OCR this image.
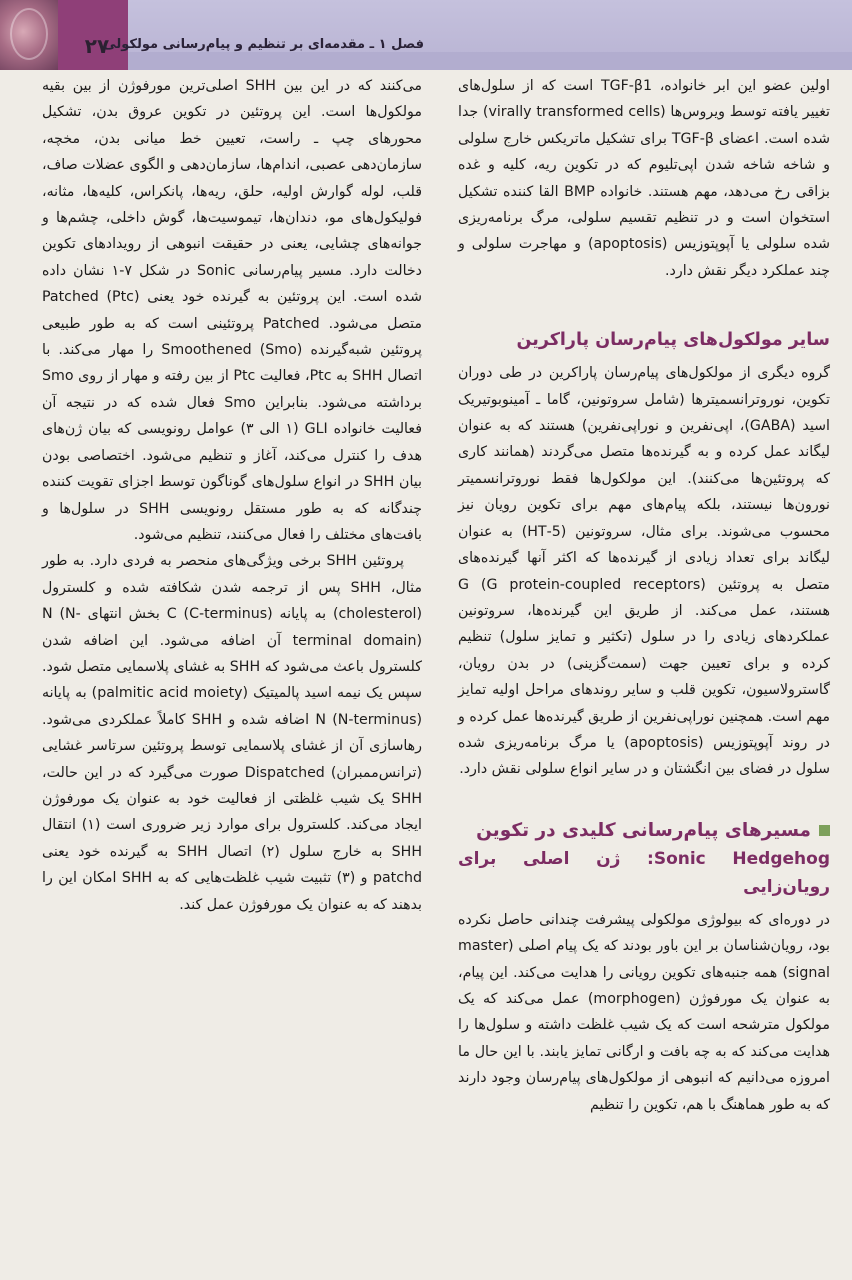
۲۷
فصل ۱ ـ مقدمه‌ای بر تنظیم و پیام‌رسانی مولکولی

اولین عضو این ابر خانواده، TGF-β1 است که از سلول‌های تغییر یافته توسط ویروس‌ها (virally transformed cells) جدا شده است. اعضای TGF-β برای تشکیل ماتریکس خارج سلولی و شاخه شاخه شدن اپی‌تلیوم که در تکوین ریه، کلیه و غده بزاقی رخ می‌دهد، مهم هستند. خانواده BMP القا کننده تشکیل استخوان است و در تنظیم تقسیم سلولی، مرگ برنامه‌ریزی شده سلولی یا آپوپتوزیس (apoptosis) و مهاجرت سلولی و چند عملکرد دیگر نقش دارد.

سایر مولکول‌های پیام‌رسان پاراکرین

گروه دیگری از مولکول‌های پیام‌رسان پاراکرین در طی دوران تکوین، نوروترانسمیترها (شامل سروتونین، گاما ـ آمینوبوتیریک اسید (GABA)، اپی‌نفرین و نوراپی‌نفرین) هستند که به عنوان لیگاند عمل کرده و به گیرنده‌ها متصل می‌گردند (همانند کاری که پروتئین‌ها می‌کنند). این مولکول‌ها فقط نوروترانسمیتر نورون‌ها نیستند، بلکه پیام‌های مهم برای تکوین رویان نیز محسوب می‌شوند. برای مثال، سروتونین (5-HT) به عنوان لیگاند برای تعداد زیادی از گیرنده‌ها که اکثر آنها گیرنده‌های متصل به پروتئین G (G protein-coupled receptors) هستند، عمل می‌کند. از طریق این گیرنده‌ها، سروتونین عملکردهای زیادی را در سلول (تکثیر و تمایز سلول) تنظیم کرده و برای تعیین جهت (سمت‌گزینی) در بدن رویان، گاسترولاسیون، تکوین قلب و سایر روندهای مراحل اولیه تمایز مهم است. همچنین نوراپی‌نفرین از طریق گیرنده‌ها عمل کرده و در روند آپوپتوزیس (apoptosis) یا مرگ برنامه‌ریزی شده سلول در فضای بین انگشتان و در سایر انواع سلولی نقش دارد.

مسیرهای پیام‌رسانی کلیدی در تکوین
Sonic Hedgehog: ژن اصلی برای رویان‌زایی

در دوره‌ای که بیولوژی مولکولی پیشرفت چندانی حاصل نکرده بود، رویان‌شناسان بر این باور بودند که یک پیام اصلی (master signal) همه جنبه‌های تکوین رویانی را هدایت می‌کند. این پیام، به عنوان یک مورفوژن (morphogen) عمل می‌کند که یک مولکول مترشحه است که یک شیب غلظت داشته و سلول‌ها را هدایت می‌کند که به چه بافت و ارگانی تمایز یابند. با این حال ما امروزه می‌دانیم که انبوهی از مولکول‌های پیام‌رسان وجود دارند که به طور هماهنگ با هم، تکوین را تنظیم

می‌کنند که در این بین SHH اصلی‌ترین مورفوژن از بین بقیه مولکول‌ها است. این پروتئین در تکوین عروق بدن، تشکیل محورهای چپ ـ راست، تعیین خط میانی بدن، مخچه، سازمان‌دهی عصبی، اندام‌ها، سازمان‌دهی و الگوی عضلات صاف، قلب، لوله گوارش اولیه، حلق، ریه‌ها، پانکراس، کلیه‌ها، مثانه، فولیکول‌های مو، دندان‌ها، تیموسیت‌ها، گوش داخلی، چشم‌ها و جوانه‌های چشایی، یعنی در حقیقت انبوهی از رویدادهای تکوین دخالت دارد. مسیر پیام‌رسانی Sonic در شکل ۷-۱ نشان داده شده است. این پروتئین به گیرنده خود یعنی Patched (Ptc) متصل می‌شود. Patched پروتئینی است که به طور طبیعی پروتئین شبه‌گیرنده Smoothened (Smo) را مهار می‌کند. با اتصال SHH به Ptc، فعالیت Ptc از بین رفته و مهار از روی Smo برداشته می‌شود. بنابراین Smo فعال شده که در نتیجه آن فعالیت خانواده GLI (۱ الی ۳) عوامل رونویسی که بیان ژن‌های هدف را کنترل می‌کند، آغاز و تنظیم می‌شود. اختصاصی بودن بیان SHH در انواع سلول‌های گوناگون توسط اجزای تقویت کننده چندگانه که به طور مستقل رونویسی SHH در سلول‌ها و بافت‌های مختلف را فعال می‌کنند، تنظیم می‌شود.

پروتئین SHH برخی ویژگی‌های منحصر به فردی دارد. به طور مثال، SHH پس از ترجمه شدن شکافته شده و کلسترول (cholesterol) به پایانه C (C-terminus) بخش انتهای N (N-terminal domain) آن اضافه می‌شود. این اضافه شدن کلسترول باعث می‌شود که SHH به غشای پلاسمایی متصل شود. سپس یک نیمه اسید پالمیتیک (palmitic acid moiety) به پایانه N (N-terminus) اضافه شده و SHH کاملاً عملکردی می‌شود. رهاسازی آن از غشای پلاسمایی توسط پروتئین سرتاسر غشایی (ترانس‌ممبران) Dispatched صورت می‌گیرد که در این حالت، SHH یک شیب غلظتی از فعالیت خود به عنوان یک مورفوژن ایجاد می‌کند. کلسترول برای موارد زیر ضروری است (۱) انتقال SHH به خارج سلول (۲) اتصال SHH به گیرنده خود یعنی patchd و (۳) تثبیت شیب غلظت‌هایی که به SHH امکان این را بدهند که به عنوان یک مورفوژن عمل کند.
